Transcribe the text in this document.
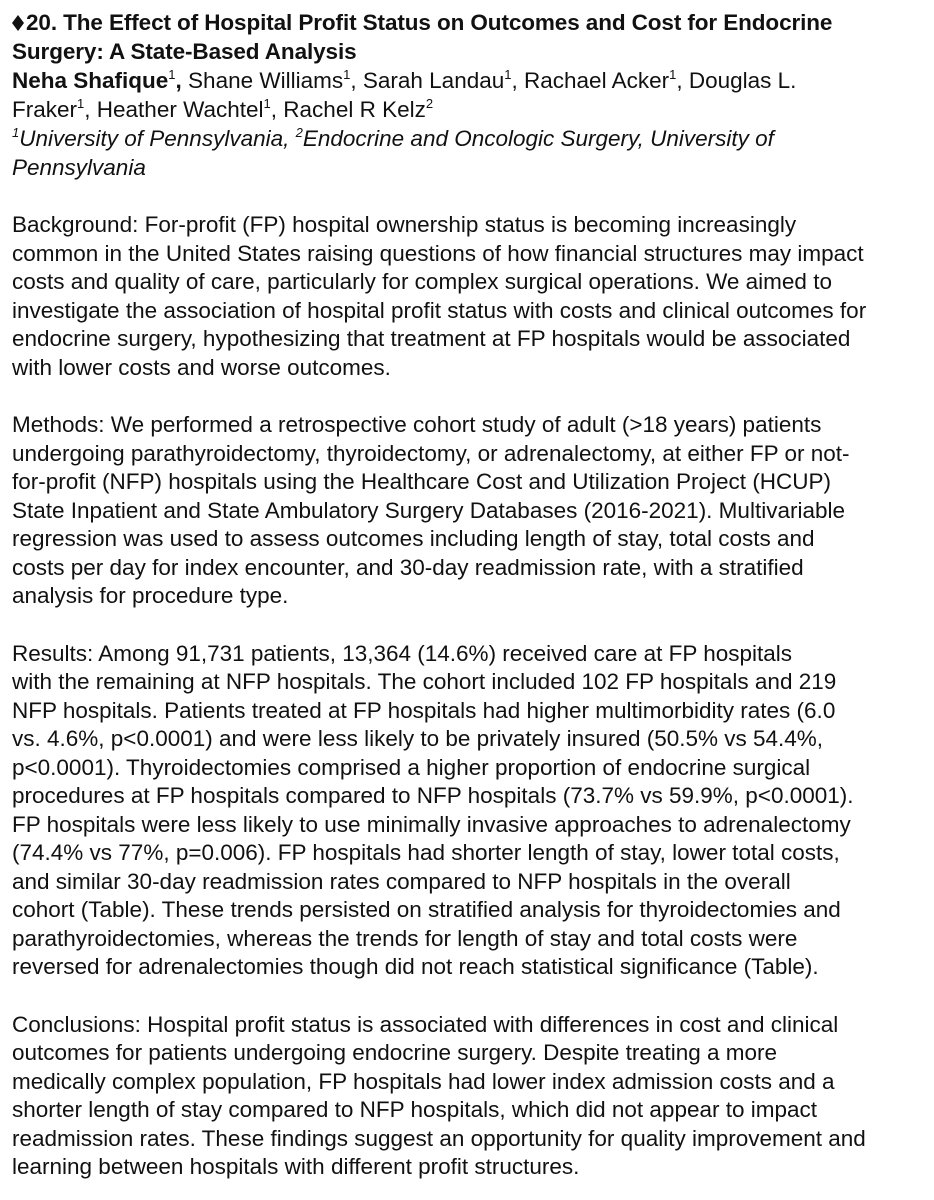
20. The Effect of Hospital Profit Status on Outcomes and Cost for Endocrine
Surgery: A State-Based Analysis
Neha Shafique$^1$, Shane Williams$^1$, Sarah Landau$^1$, Rachael Acker$^1$, Douglas L.
Fraker$^1$, Heather Wachtel$^1$, Rachel R Kelz$^2$
$^1$University of Pennsylvania, $^2$Endocrine and Oncologic Surgery, University of
Pennsylvania

Background: For-profit (FP) hospital ownership status is becoming increasingly
common in the United States raising questions of how financial structures may impact
costs and quality of care, particularly for complex surgical operations. We aimed to
investigate the association of hospital profit status with costs and clinical outcomes for
endocrine surgery, hypothesizing that treatment at FP hospitals would be associated
with lower costs and worse outcomes.

Methods: We performed a retrospective cohort study of adult (>18 years) patients
undergoing parathyroidectomy, thyroidectomy, or adrenalectomy, at either FP or not-
for-profit (NFP) hospitals using the Healthcare Cost and Utilization Project (HCUP)
State Inpatient and State Ambulatory Surgery Databases (2016-2021). Multivariable
regression was used to assess outcomes including length of stay, total costs and
costs per day for index encounter, and 30-day readmission rate, with a stratified
analysis for procedure type.

Results: Among 91,731 patients, 13,364 (14.6%) received care at FP hospitals
with the remaining at NFP hospitals. The cohort included 102 FP hospitals and 219
NFP hospitals. Patients treated at FP hospitals had higher multimorbidity rates (6.0
vs. 4.6%, p<0.0001) and were less likely to be privately insured (50.5% vs 54.4%,
p<0.0001). Thyroidectomies comprised a higher proportion of endocrine surgical
procedures at FP hospitals compared to NFP hospitals (73.7% vs 59.9%, p<0.0001).
FP hospitals were less likely to use minimally invasive approaches to adrenalectomy
(74.4% vs 77%, p=0.006). FP hospitals had shorter length of stay, lower total costs,
and similar 30-day readmission rates compared to NFP hospitals in the overall
cohort (Table). These trends persisted on stratified analysis for thyroidectomies and
parathyroidectomies, whereas the trends for length of stay and total costs were
reversed for adrenalectomies though did not reach statistical significance (Table).

Conclusions: Hospital profit status is associated with differences in cost and clinical
outcomes for patients undergoing endocrine surgery. Despite treating a more
medically complex population, FP hospitals had lower index admission costs and a
shorter length of stay compared to NFP hospitals, which did not appear to impact
readmission rates. These findings suggest an opportunity for quality improvement and
learning between hospitals with different profit structures.
